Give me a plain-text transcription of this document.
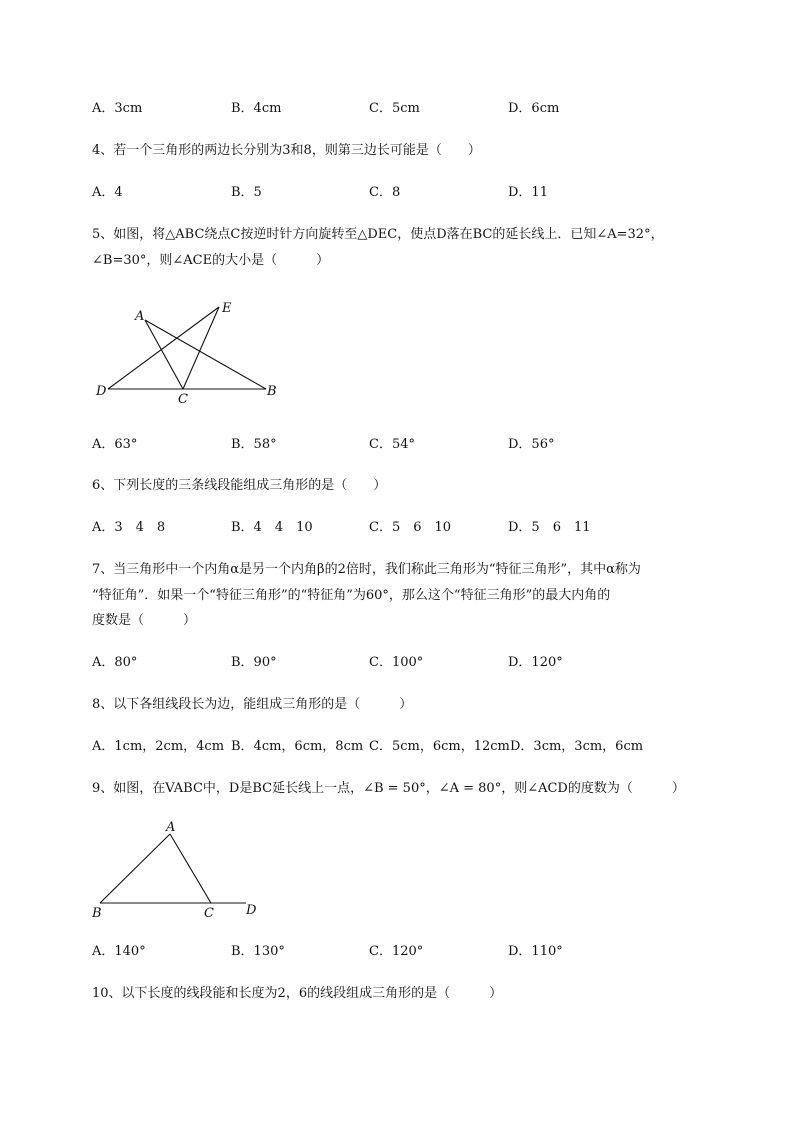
A．3cm	B．4cm	C．5cm	D．6cm
4、若一个三角形的两边长分别为3和8，则第三边长可能是（　　）
A．4	B．5	C．8	D．11
5、如图，将△ABC绕点C按逆时针方向旋转至△DEC，使点D落在BC的延长线上．已知∠A=32°，
∠B=30°，则∠ACE的大小是（　　　）
A
E
D
C
B
A．63°	B．58°	C．54°	D．56°
6、下列长度的三条线段能组成三角形的是（　　）
A．3　4　8	B．4　4　10	C．5　6　10	D．5　6　11
7、当三角形中一个内角α是另一个内角β的2倍时，我们称此三角形为“特征三角形”，其中α称为
“特征角”．如果一个“特征三角形”的“特征角”为60°，那么这个“特征三角形”的最大内角的
度数是（　　　）
A．80°	B．90°	C．100°	D．120°
8、以下各组线段长为边，能组成三角形的是（　　　）
A．1cm，2cm，4cm B．4cm，6cm，8cm C．5cm，6cm，12cm D．3cm，3cm，6cm
9、如图，在VABC中，D是BC延长线上一点，∠B = 50°，∠A = 80°，则∠ACD的度数为（　　　）
A
B	C D
A．140°	B．130°	C．120°	D．110°
10、以下长度的线段能和长度为2，6的线段组成三角形的是（　　　）
